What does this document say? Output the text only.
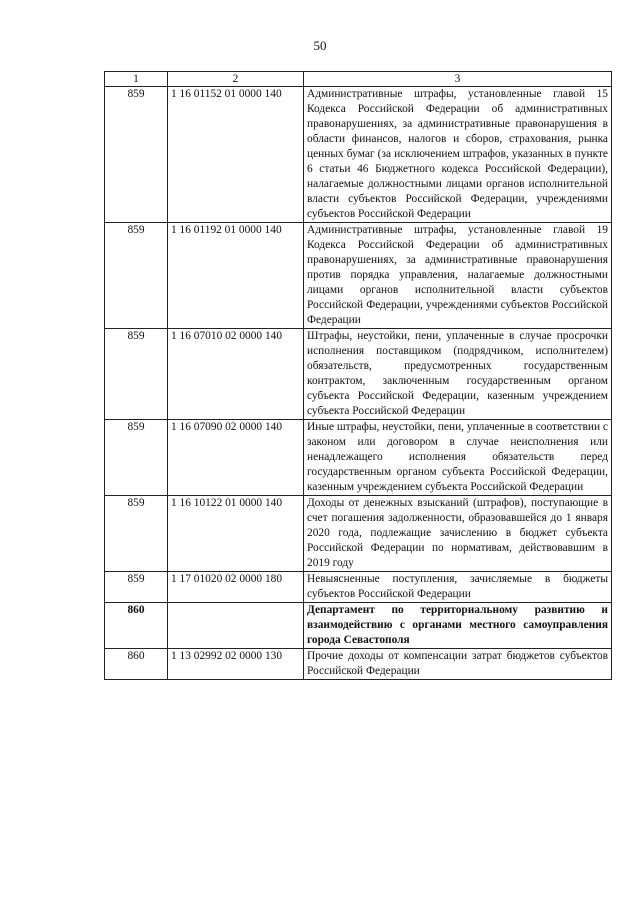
50
1	2	3
859	1 16 01152 01 0000 140	Административные штрафы, установленные главой 15 Кодекса Российской Федерации об административных правонарушениях, за административные правонарушения в области финансов, налогов и сборов, страхования, рынка ценных бумаг (за исключением штрафов, указанных в пункте 6 статьи 46 Бюджетного кодекса Российской Федерации), налагаемые должностными лицами органов исполнительной власти субъектов Российской Федерации, учреждениями субъектов Российской Федерации
859	1 16 01192 01 0000 140	Административные штрафы, установленные главой 19 Кодекса Российской Федерации об административных правонарушениях, за административные правонарушения против порядка управления, налагаемые должностными лицами органов исполнительной власти субъектов Российской Федерации, учреждениями субъектов Российской Федерации
859	1 16 07010 02 0000 140	Штрафы, неустойки, пени, уплаченные в случае просрочки исполнения поставщиком (подрядчиком, исполнителем) обязательств, предусмотренных государственным контрактом, заключенным государственным органом субъекта Российской Федерации, казенным учреждением субъекта Российской Федерации
859	1 16 07090 02 0000 140	Иные штрафы, неустойки, пени, уплаченные в соответствии с законом или договором в случае неисполнения или ненадлежащего исполнения обязательств перед государственным органом субъекта Российской Федерации, казенным учреждением субъекта Российской Федерации
859	1 16 10122 01 0000 140	Доходы от денежных взысканий (штрафов), поступающие в счет погашения задолженности, образовавшейся до 1 января 2020 года, подлежащие зачислению в бюджет субъекта Российской Федерации по нормативам, действовавшим в 2019 году
859	1 17 01020 02 0000 180	Невыясненные поступления, зачисляемые в бюджеты субъектов Российской Федерации
860		Департамент по территориальному развитию и взаимодействию с органами местного самоуправления города Севастополя
860	1 13 02992 02 0000 130	Прочие доходы от компенсации затрат бюджетов субъектов Российской Федерации
